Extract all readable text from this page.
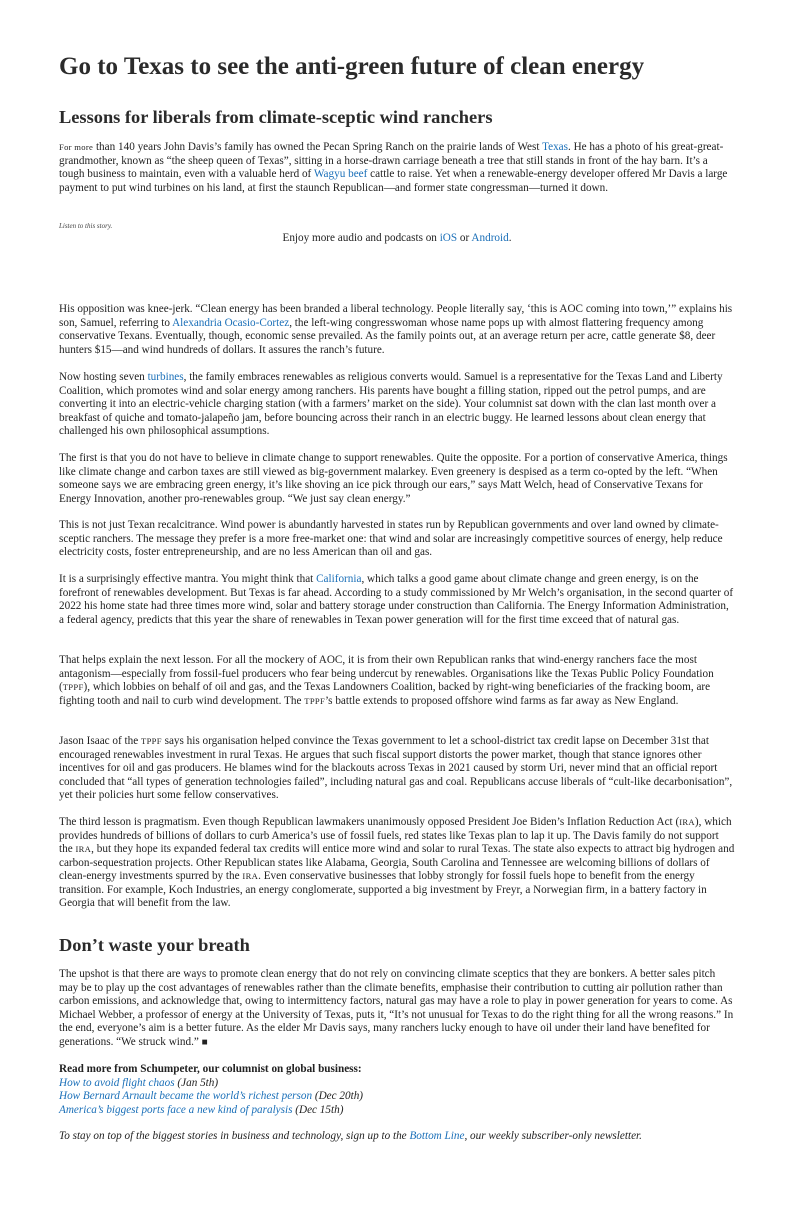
Go to Texas to see the anti-green future of clean energy
Lessons for liberals from climate-sceptic wind ranchers

For more than 140 years John Davis’s family has owned the Pecan Spring Ranch on the prairie lands of West Texas. He has a photo of his great-great-grandmother, known as “the sheep queen of Texas”, sitting in a horse-drawn carriage beneath a tree that still stands in front of the hay barn. It’s a tough business to maintain, even with a valuable herd of Wagyu beef cattle to raise. Yet when a renewable-energy developer offered Mr Davis a large payment to put wind turbines on his land, at first the staunch Republican—and former state congressman—turned it down.

Listen to this story.

Enjoy more audio and podcasts on iOS or Android.

His opposition was knee-jerk. “Clean energy has been branded a liberal technology. People literally say, ‘this is AOC coming into town,’” explains his son, Samuel, referring to Alexandria Ocasio-Cortez, the left-wing congresswoman whose name pops up with almost flattering frequency among conservative Texans. Eventually, though, economic sense prevailed. As the family points out, at an average return per acre, cattle generate $8, deer hunters $15—and wind hundreds of dollars. It assures the ranch’s future.

Now hosting seven turbines, the family embraces renewables as religious converts would. Samuel is a representative for the Texas Land and Liberty Coalition, which promotes wind and solar energy among ranchers. His parents have bought a filling station, ripped out the petrol pumps, and are converting it into an electric-vehicle charging station (with a farmers’ market on the side). Your columnist sat down with the clan last month over a breakfast of quiche and tomato-jalapeño jam, before bouncing across their ranch in an electric buggy. He learned lessons about clean energy that challenged his own philosophical assumptions.

The first is that you do not have to believe in climate change to support renewables. Quite the opposite. For a portion of conservative America, things like climate change and carbon taxes are still viewed as big-government malarkey. Even greenery is despised as a term co-opted by the left. “When someone says we are embracing green energy, it’s like shoving an ice pick through our ears,” says Matt Welch, head of Conservative Texans for Energy Innovation, another pro-renewables group. “We just say clean energy.”

This is not just Texan recalcitrance. Wind power is abundantly harvested in states run by Republican governments and over land owned by climate-sceptic ranchers. The message they prefer is a more free-market one: that wind and solar are increasingly competitive sources of energy, help reduce electricity costs, foster entrepreneurship, and are no less American than oil and gas.

It is a surprisingly effective mantra. You might think that California, which talks a good game about climate change and green energy, is on the forefront of renewables development. But Texas is far ahead. According to a study commissioned by Mr Welch’s organisation, in the second quarter of 2022 his home state had three times more wind, solar and battery storage under construction than California. The Energy Information Administration, a federal agency, predicts that this year the share of renewables in Texan power generation will for the first time exceed that of natural gas.

That helps explain the next lesson. For all the mockery of AOC, it is from their own Republican ranks that wind-energy ranchers face the most antagonism—especially from fossil-fuel producers who fear being undercut by renewables. Organisations like the Texas Public Policy Foundation (TPPF), which lobbies on behalf of oil and gas, and the Texas Landowners Coalition, backed by right-wing beneficiaries of the fracking boom, are fighting tooth and nail to curb wind development. The TPPF’s battle extends to proposed offshore wind farms as far away as New England.

Jason Isaac of the TPPF says his organisation helped convince the Texas government to let a school-district tax credit lapse on December 31st that encouraged renewables investment in rural Texas. He argues that such fiscal support distorts the power market, though that stance ignores other incentives for oil and gas producers. He blames wind for the blackouts across Texas in 2021 caused by storm Uri, never mind that an official report concluded that “all types of generation technologies failed”, including natural gas and coal. Republicans accuse liberals of “cult-like decarbonisation”, yet their policies hurt some fellow conservatives.

The third lesson is pragmatism. Even though Republican lawmakers unanimously opposed President Joe Biden’s Inflation Reduction Act (IRA), which provides hundreds of billions of dollars to curb America’s use of fossil fuels, red states like Texas plan to lap it up. The Davis family do not support the IRA, but they hope its expanded federal tax credits will entice more wind and solar to rural Texas. The state also expects to attract big hydrogen and carbon-sequestration projects. Other Republican states like Alabama, Georgia, South Carolina and Tennessee are welcoming billions of dollars of clean-energy investments spurred by the IRA. Even conservative businesses that lobby strongly for fossil fuels hope to benefit from the energy transition. For example, Koch Industries, an energy conglomerate, supported a big investment by Freyr, a Norwegian firm, in a battery factory in Georgia that will benefit from the law.

Don’t waste your breath

The upshot is that there are ways to promote clean energy that do not rely on convincing climate sceptics that they are bonkers. A better sales pitch may be to play up the cost advantages of renewables rather than the climate benefits, emphasise their contribution to cutting air pollution rather than carbon emissions, and acknowledge that, owing to intermittency factors, natural gas may have a role to play in power generation for years to come. As Michael Webber, a professor of energy at the University of Texas, puts it, “It’s not unusual for Texas to do the right thing for all the wrong reasons.” In the end, everyone’s aim is a better future. As the elder Mr Davis says, many ranchers lucky enough to have oil under their land have benefited for generations. “We struck wind.” ■

Read more from Schumpeter, our columnist on global business:
How to avoid flight chaos (Jan 5th)
How Bernard Arnault became the world’s richest person (Dec 20th)
America’s biggest ports face a new kind of paralysis (Dec 15th)

To stay on top of the biggest stories in business and technology, sign up to the Bottom Line, our weekly subscriber-only newsletter.
